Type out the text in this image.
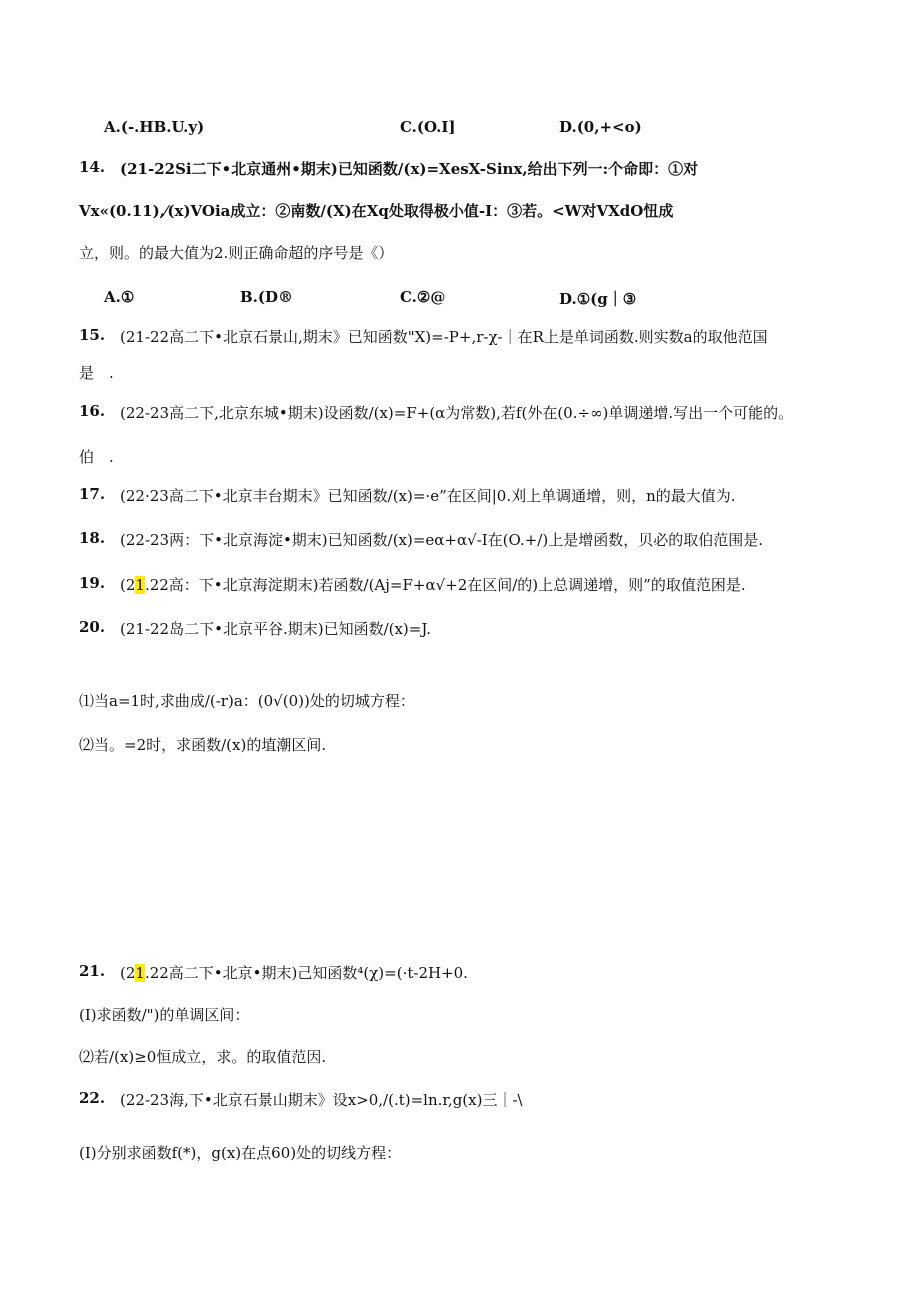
A.(-.HB.U.y)	C.(O.I]	D.(0,+<o)
14. (21-22Si二下•北京通州•期末)已知函数/(x)=XesX-Sinx,给出下列一:个命即：①对
Vx«(0.11),⁄(x)VOia成立：②南数/(X)在Xq处取得极小值-I：③若。<W对VXdO忸成
立，则。的最大值为2.则正确命超的序号是《）
A.①	B.(D®	C.②@	D.①(g｜③
15. (21-22高二下•北京石景山,期末》已知函数"X)=-P+,r-χ-｜在R上是单词函数.则实数a的取他范国
是　.
16. (22-23高二下,北京东城•期末)设函数/(x)=F+(α为常数),若f(外在(0.÷∞)单调递增.写出一个可能的。
伯　.
17. (22·23高二下•北京丰台期末》已知函数/(x)=·e”在区间|0.刈上单调通增，则，n的最大值为.
18. (22-23两：下•北京海淀•期末)已知函数/(x)=eα+α√-I在(O.+/)上是增函数，贝必的取伯范围是.
19. (21.22高：下•北京海淀期末)若函数/(Aj=F+α√+2在区间/的)上总调递增，则”的取值范困是.
20. (21-22岛二下•北京平谷.期末)已知函数/(x)=J.
⑴当a=1时,求曲成/(-r)a：(0√(0))处的切城方程：
⑵当。=2时，求函数/(x)的埴潮区间.
21. (21.22高二下•北京•期末)己知函数⁴(χ)=(·t-2H+0.
(I)求函数/")的单调区间：
⑵若/(x)≥0恒成立，求。的取值范因.
22. (22-23海,下•北京石景山期末》设x>0,/(.t)=ln.r,g(x)三｜-\
(I)分别求函数f(*)，g(x)在点60)处的切线方程：
